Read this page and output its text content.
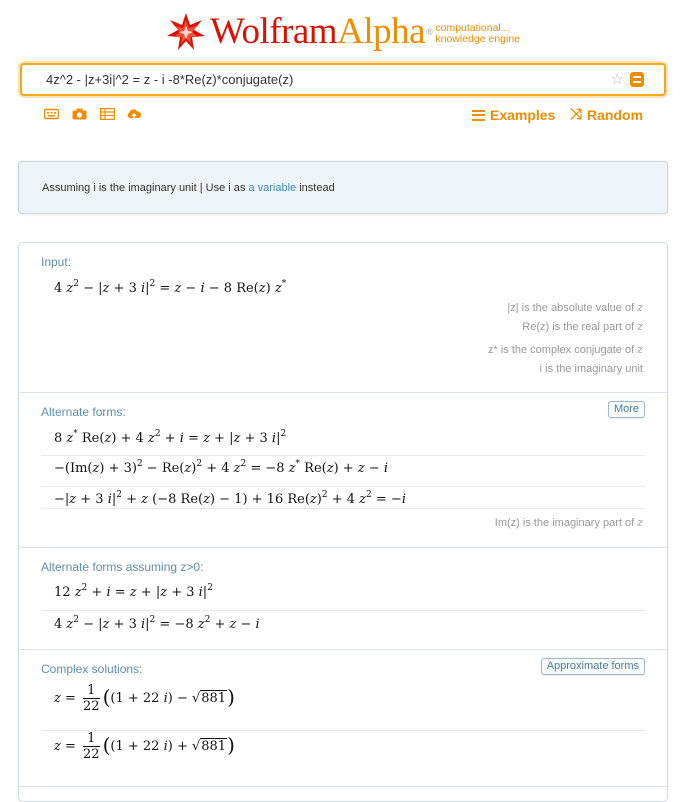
WolframAlpha® computational...
knowledge engine
4z^2 - |z+3i|^2 = z - i -8*Re(z)*conjugate(z)
☆
Examples ⤨ Random
Assuming i is the imaginary unit | Use i as a variable instead
Input:
4 $z^2 - |z + 3$ $i|^2 = z - i - 8$ Re(z) z*
|z| is the absolute value of z
Re(z) is the real part of z
z* is the complex conjugate of z
i is the imaginary unit
Alternate forms:	More
8 z* Re(z) + 4 $z^2 + i = z + |z + 3$ $i|^2$
$-(Im(z) + 3)^2 - Re(z)^2 + 4$ $z^2 = -8$ z* Re(z) + z − i
−|z + 3 $i|^2 + z$ (−8 Re(z) − 1) + 16 $Re(z)^2 + 4$ $z^2 = -i$
Im(z) is the imaginary part of z
Alternate forms assuming z>0:
12 $z^2 + i = z + |z + 3$ $i|^2$
4 $z^2 - |z + 3$ $i|^2 = -8$ $z^2 + z - i$
Complex solutions:	Approximate forms
$z = \frac{1}{22} ((1 + 22$ i) − √881)
$z = \frac{1}{22} ((1 + 22$ i) + √881)
